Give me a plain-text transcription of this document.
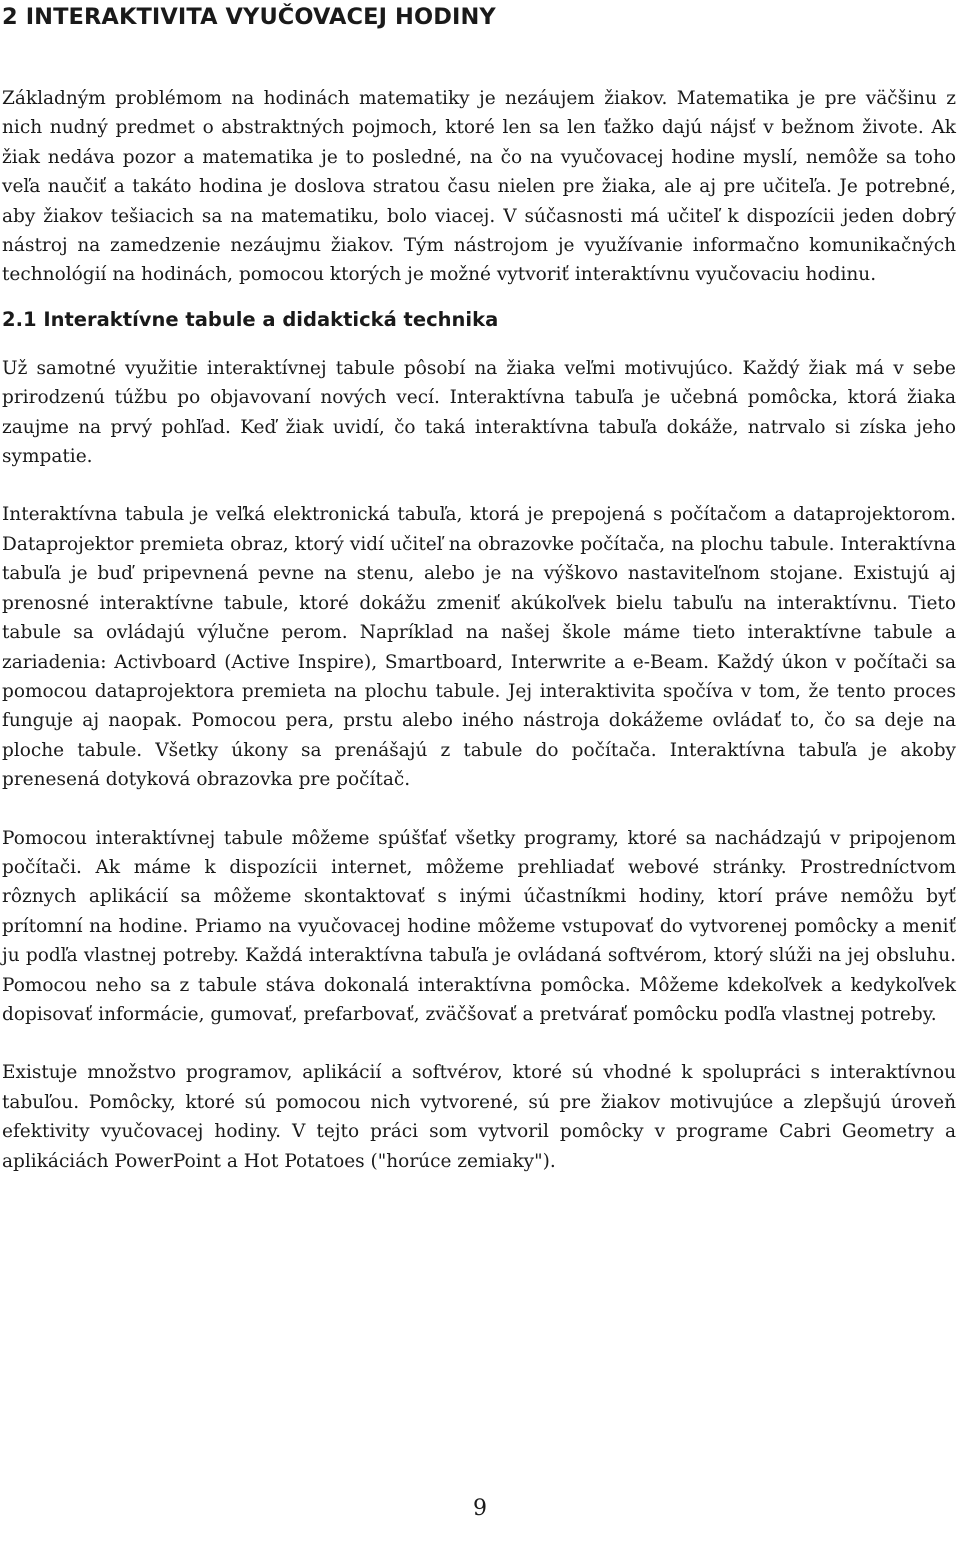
2 INTERAKTIVITA VYUČOVACEJ HODINY

Základným problémom na hodinách matematiky je nezáujem žiakov. Matematika je pre väčšinu z nich nudný predmet o abstraktných pojmoch, ktoré len sa len ťažko dajú nájsť v bežnom živote. Ak žiak nedáva pozor a matematika je to posledné, na čo na vyučovacej hodine myslí, nemôže sa toho veľa naučiť a takáto hodina je doslova stratou času nielen pre žiaka, ale aj pre učiteľa. Je potrebné, aby žiakov tešiacich sa na matematiku, bolo viacej. V súčasnosti má učiteľ k dispozícii jeden dobrý nástroj na zamedzenie nezáujmu žiakov. Tým nástrojom je využívanie informačno komunikačných technológií na hodinách, pomocou ktorých je možné vytvoriť interaktívnu vyučovaciu hodinu.

2.1 Interaktívne tabule a didaktická technika

Už samotné využitie interaktívnej tabule pôsobí na žiaka veľmi motivujúco. Každý žiak má v sebe prirodzenú túžbu po objavovaní nových vecí. Interaktívna tabuľa je učebná pomôcka, ktorá žiaka zaujme na prvý pohľad. Keď žiak uvidí, čo taká interaktívna tabuľa dokáže, natrvalo si získa jeho sympatie.

Interaktívna tabula je veľká elektronická tabuľa, ktorá je prepojená s počítačom a dataprojektorom. Dataprojektor premieta obraz, ktorý vidí učiteľ na obrazovke počítača, na plochu tabule. Interaktívna tabuľa je buď pripevnená pevne na stenu, alebo je na výškovo nastaviteľnom stojane. Existujú aj prenosné interaktívne tabule, ktoré dokážu zmeniť akúkoľvek bielu tabuľu na interaktívnu. Tieto tabule sa ovládajú výlučne perom. Napríklad na našej škole máme tieto interaktívne tabule a zariadenia: Activboard (Active Inspire), Smartboard, Interwrite a e-Beam. Každý úkon v počítači sa pomocou dataprojektora premieta na plochu tabule. Jej interaktivita spočíva v tom, že tento proces funguje aj naopak. Pomocou pera, prstu alebo iného nástroja dokážeme ovládať to, čo sa deje na ploche tabule. Všetky úkony sa prenášajú z tabule do počítača. Interaktívna tabuľa je akoby prenesená dotyková obrazovka pre počítač.

Pomocou interaktívnej tabule môžeme spúšťať všetky programy, ktoré sa nachádzajú v pripojenom počítači. Ak máme k dispozícii internet, môžeme prehliadať webové stránky. Prostredníctvom rôznych aplikácií sa môžeme skontaktovať s inými účastníkmi hodiny, ktorí práve nemôžu byť prítomní na hodine. Priamo na vyučovacej hodine môžeme vstupovať do vytvorenej pomôcky a meniť ju podľa vlastnej potreby. Každá interaktívna tabuľa je ovládaná softvérom, ktorý slúži na jej obsluhu. Pomocou neho sa z tabule stáva dokonalá interaktívna pomôcka. Môžeme kdekoľvek a kedykoľvek dopisovať informácie, gumovať, prefarbovať, zväčšovať a pretvárať pomôcku podľa vlastnej potreby.

Existuje množstvo programov, aplikácií a softvérov, ktoré sú vhodné k spolupráci s interaktívnou tabuľou. Pomôcky, ktoré sú pomocou nich vytvorené, sú pre žiakov motivujúce a zlepšujú úroveň efektivity vyučovacej hodiny. V tejto práci som vytvoril pomôcky v programe Cabri Geometry a aplikáciách PowerPoint a Hot Potatoes ("horúce zemiaky").

9
